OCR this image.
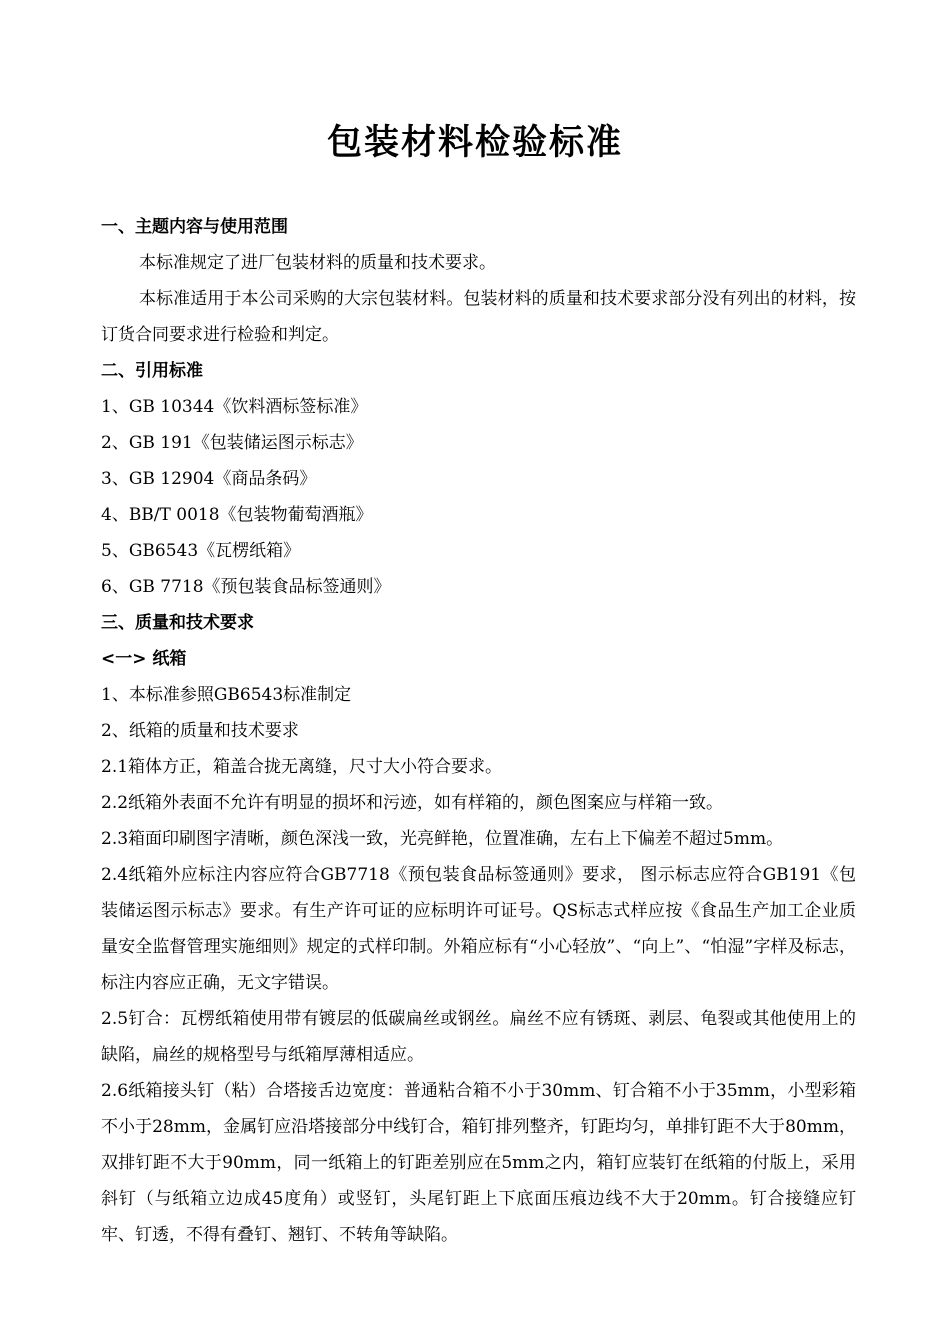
包装材料检验标准

一、主题内容与使用范围

本标准规定了进厂包装材料的质量和技术要求。

本标准适用于本公司采购的大宗包装材料。包装材料的质量和技术要求部分没有列出的材料，按订货合同要求进行检验和判定。

二、引用标准

1、GB 10344《饮料酒标签标准》

2、GB 191《包装储运图示标志》

3、GB 12904《商品条码》

4、BB/T 0018《包装物葡萄酒瓶》

5、GB6543《瓦楞纸箱》

6、GB 7718《预包装食品标签通则》

三、质量和技术要求

<一> 纸箱

1、本标准参照GB6543标准制定

2、纸箱的质量和技术要求

2.1箱体方正，箱盖合拢无离缝，尺寸大小符合要求。

2.2纸箱外表面不允许有明显的损坏和污迹，如有样箱的，颜色图案应与样箱一致。

2.3箱面印刷图字清晰，颜色深浅一致，光亮鲜艳，位置准确，左右上下偏差不超过5mm。

2.4纸箱外应标注内容应符合GB7718《预包装食品标签通则》要求， 图示标志应符合GB191《包装储运图示标志》要求。有生产许可证的应标明许可证号。QS标志式样应按《食品生产加工企业质量安全监督管理实施细则》规定的式样印制。外箱应标有“小心轻放”、“向上”、“怕湿”字样及标志，标注内容应正确，无文字错误。

2.5钉合：瓦楞纸箱使用带有镀层的低碳扁丝或钢丝。扁丝不应有锈斑、剥层、龟裂或其他使用上的缺陷，扁丝的规格型号与纸箱厚薄相适应。

2.6纸箱接头钉（粘）合塔接舌边宽度：普通粘合箱不小于30mm、钉合箱不小于35mm，小型彩箱不小于28mm，金属钉应沿塔接部分中线钉合，箱钉排列整齐，钉距均匀，单排钉距不大于80mm，双排钉距不大于90mm，同一纸箱上的钉距差别应在5mm之内，箱钉应装钉在纸箱的付版上，采用斜钉（与纸箱立边成45度角）或竖钉，头尾钉距上下底面压痕边线不大于20mm。钉合接缝应钉牢、钉透，不得有叠钉、翘钉、不转角等缺陷。
